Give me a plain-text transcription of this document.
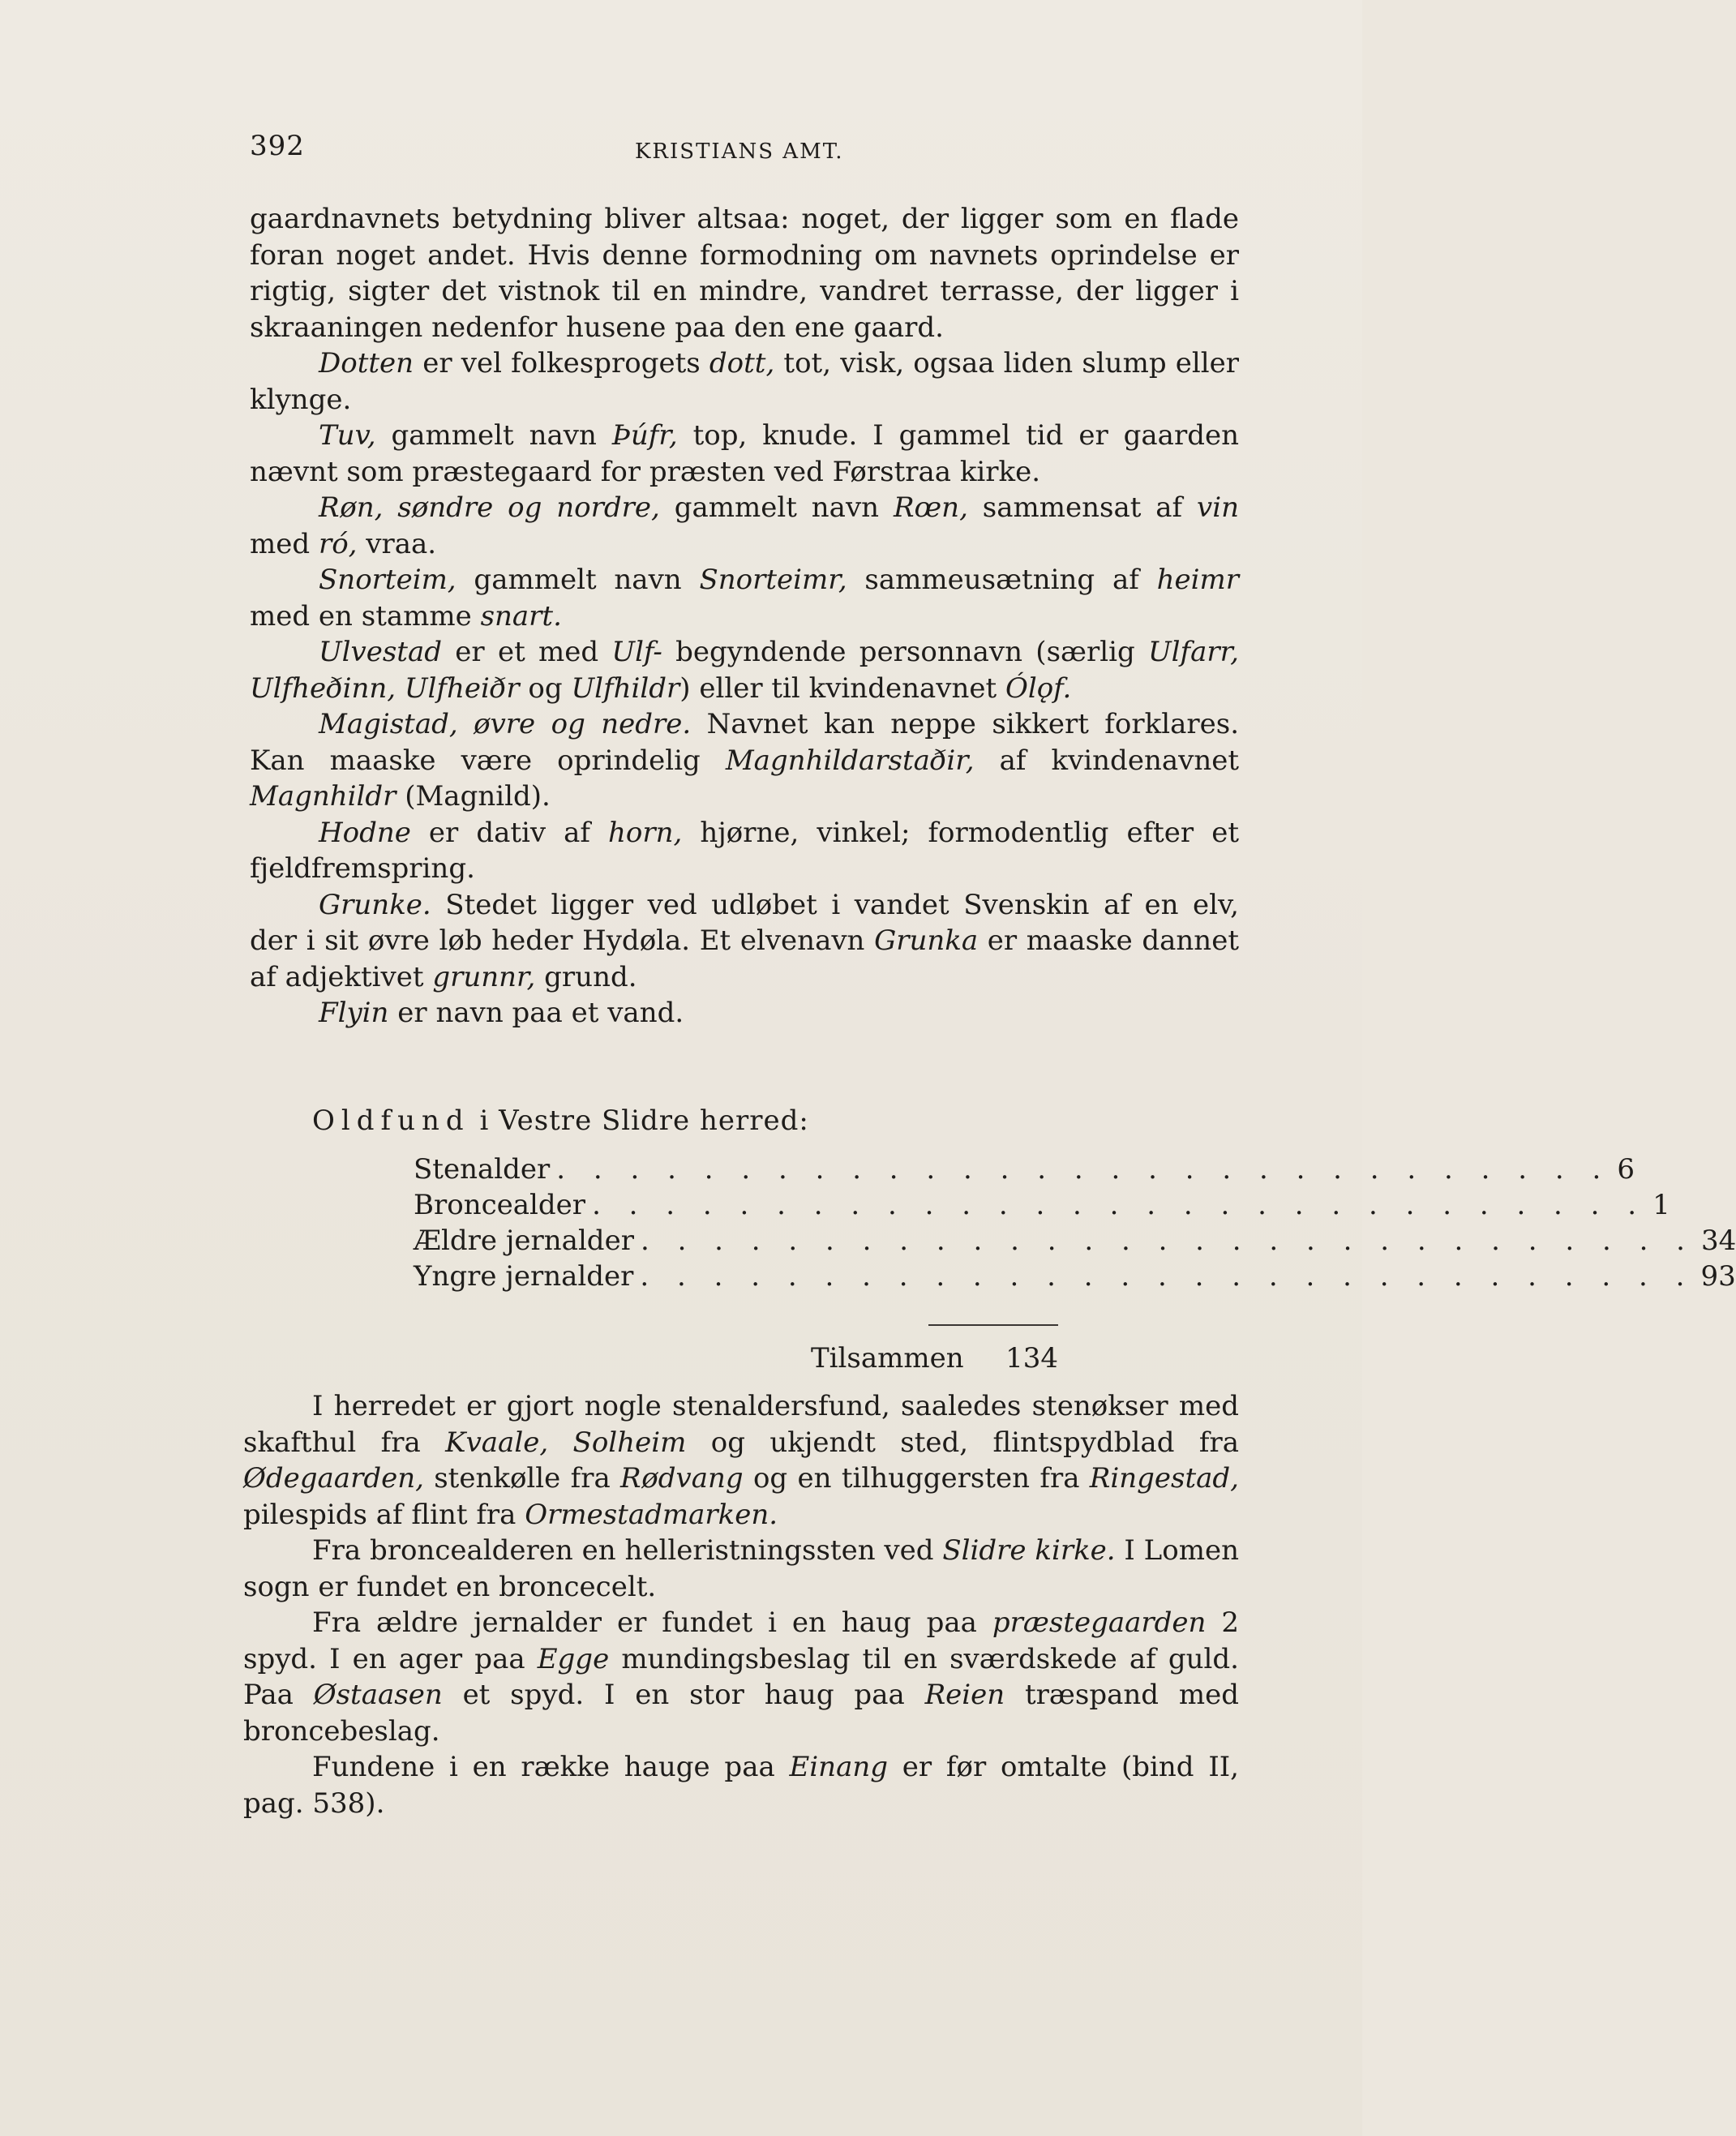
392	KRISTIANS AMT.

gaardnavnets betydning bliver altsaa: noget, der ligger som en flade foran noget andet. Hvis denne formodning om navnets oprindelse er rigtig, sigter det vistnok til en mindre, vandret terrasse, der ligger i skraaningen nedenfor husene paa den ene gaard.

Dotten er vel folkesprogets dott, tot, visk, ogsaa liden slump eller klynge.

Tuv, gammelt navn Þúfr, top, knude. I gammel tid er gaarden nævnt som præstegaard for præsten ved Førstraa kirke.

Røn, søndre og nordre, gammelt navn Rœn, sammensat af vin med ró, vraa.

Snorteim, gammelt navn Snorteimr, sammeusætning af heimr med en stamme snart.

Ulvestad er et med Ulf- begyndende personnavn (særlig Ulfarr, Ulfheðinn, Ulfheiðr og Ulfhildr) eller til kvindenavnet Ólǫf.

Magistad, øvre og nedre. Navnet kan neppe sikkert forklares. Kan maaske være oprindelig Magnhildarstaðir, af kvindenavnet Magnhildr (Magnild).

Hodne er dativ af horn, hjørne, vinkel; formodentlig efter et fjeldfremspring.

Grunke. Stedet ligger ved udløbet i vandet Svenskin af en elv, der i sit øvre løb heder Hydøla. Et elvenavn Grunka er maaske dannet af adjektivet grunnr, grund.

Flyin er navn paa et vand.

Oldfund i Vestre Slidre herred:
Stenalder . . . . . . . . . . . . . . . . . . . . . . . . . . . . . 6
Broncealder . . . . . . . . . . . . . . . . . . . . . . . . . . . . . 1
Ældre jernalder . . . . . . . . . . . . . . . . . . . . . . . . . . . . . 34
Yngre jernalder . . . . . . . . . . . . . . . . . . . . . . . . . . . . . 93
Tilsammen 134

I herredet er gjort nogle stenaldersfund, saaledes stenøkser med skafthul fra Kvaale, Solheim og ukjendt sted, flintspydblad fra Ødegaarden, stenkølle fra Rødvang og en tilhuggersten fra Ringestad, pilespids af flint fra Ormestadmarken.

Fra broncealderen en helleristningssten ved Slidre kirke. I Lomen sogn er fundet en broncecelt.

Fra ældre jernalder er fundet i en haug paa præstegaarden 2 spyd. I en ager paa Egge mundingsbeslag til en sværdskede af guld. Paa Østaasen et spyd. I en stor haug paa Reien træspand med broncebeslag.

Fundene i en række hauge paa Einang er før omtalte (bind II, pag. 538).
